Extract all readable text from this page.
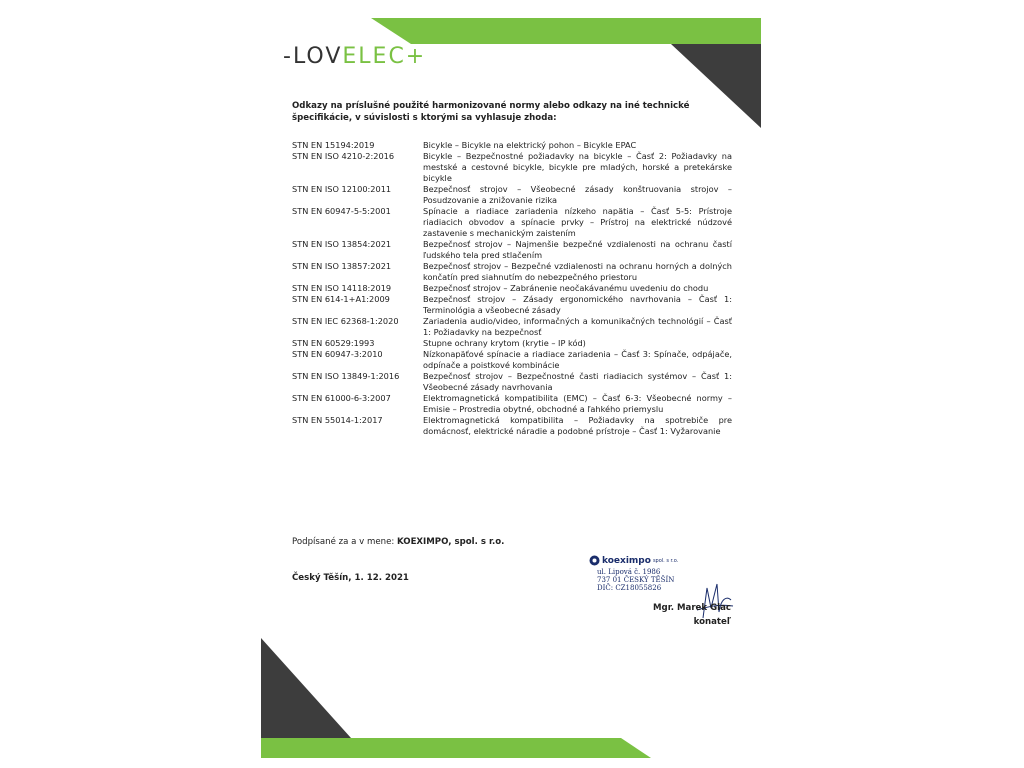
-LOVELEC+
Odkazy na príslušné použité harmonizované normy alebo odkazy na iné technické špecifikácie, v súvislosti s ktorými sa vyhlasuje zhoda:
STN EN 15194:2019	Bicykle – Bicykle na elektrický pohon – Bicykle EPAC
STN EN ISO 4210-2:2016	Bicykle – Bezpečnostné požiadavky na bicykle – Časť 2: Požiadavky na mestské a cestovné bicykle, bicykle pre mladých, horské a pretekárske bicykle
STN EN ISO 12100:2011	Bezpečnosť strojov – Všeobecné zásady konštruovania strojov – Posudzovanie a znižovanie rizika
STN EN 60947-5-5:2001	Spínacie a riadiace zariadenia nízkeho napätia – Časť 5-5: Prístroje riadiacich obvodov a spínacie prvky – Prístroj na elektrické núdzové zastavenie s mechanickým zaistením
STN EN ISO 13854:2021	Bezpečnosť strojov – Najmenšie bezpečné vzdialenosti na ochranu častí ľudského tela pred stlačením
STN EN ISO 13857:2021	Bezpečnosť strojov – Bezpečné vzdialenosti na ochranu horných a dolných končatín pred siahnutím do nebezpečného priestoru
STN EN ISO 14118:2019	Bezpečnosť strojov – Zabránenie neočakávanému uvedeniu do chodu
STN EN 614-1+A1:2009	Bezpečnosť strojov – Zásady ergonomického navrhovania – Časť 1: Terminológia a všeobecné zásady
STN EN IEC 62368-1:2020	Zariadenia audio/video, informačných a komunikačných technológií – Časť 1: Požiadavky na bezpečnosť
STN EN 60529:1993	Stupne ochrany krytom (krytie – IP kód)
STN EN 60947-3:2010	Nízkonapäťové spínacie a riadiace zariadenia – Časť 3: Spínače, odpájače, odpínače a poistkové kombinácie
STN EN ISO 13849-1:2016	Bezpečnosť strojov – Bezpečnostné časti riadiacich systémov – Časť 1: Všeobecné zásady navrhovania
STN EN 61000-6-3:2007	Elektromagnetická kompatibilita (EMC) – Časť 6-3: Všeobecné normy – Emisie – Prostredia obytné, obchodné a ľahkého priemyslu
STN EN 55014-1:2017	Elektromagnetická kompatibilita – Požiadavky na spotrebiče pre domácnosť, elektrické náradie a podobné prístroje – Časť 1: Vyžarovanie
Podpísané za a v mene: KOEXIMPO, spol. s r.o.
Český Těšín, 1. 12. 2021
koeximpo spol. s r.o.
ul. Lipová č. 1986
737 01 ČESKÝ TĚŠÍN
DIČ: CZ18055826
Mgr. Marek Glac
konateľ
